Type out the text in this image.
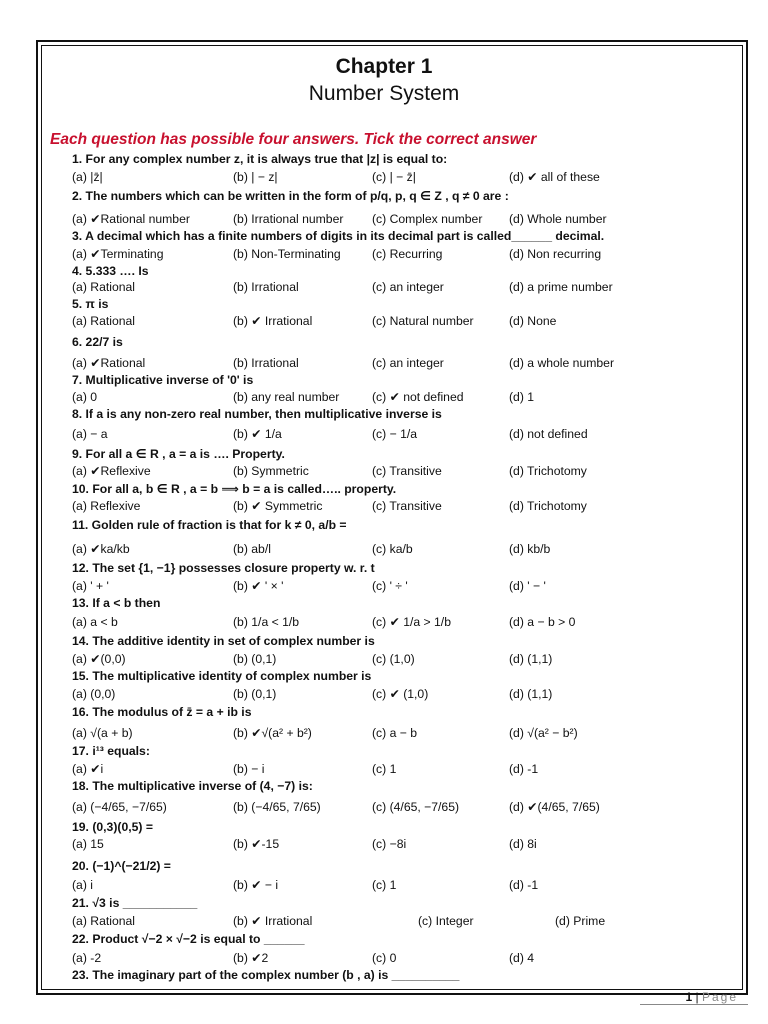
Chapter 1
Number System
Each question has possible four answers. Tick the correct answer
1. For any complex number z, it is always true that |z| is equal to:
(a) |z̄|	(b) | − z|	(c) | − z̄|	(d) ✔ all of these
2. The numbers which can be written in the form of p/q, p, q ∈ Z , q ≠ 0 are :
(a) ✔Rational number	(b) Irrational number (c) Complex number (d) Whole number
3. A decimal which has a finite numbers of digits in its decimal part is called______ decimal.
(a) ✔Terminating	(b) Non-Terminating	(c) Recurring	(d) Non recurring
4. 5.333 …. Is
(a) Rational	(b) Irrational	(c) an integer	(d) a prime number
5. π is
(a) Rational	(b) ✔ Irrational	(c) Natural number	(d) None
6. 22/7 is
(a) ✔Rational	(b) Irrational	(c) an integer	(d) a whole number
7. Multiplicative inverse of '0' is
(a) 0	(b) any real number	(c) ✔ not defined	(d) 1
8. If a is any non-zero real number, then multiplicative inverse is
(a) − a	(b) ✔ 1/a	(c) − 1/a	(d) not defined
9. For all a ∈ R , a = a is …. Property.
(a) ✔Reflexive	(b) Symmetric	(c) Transitive	(d) Trichotomy
10. For all a, b ∈ R , a = b ⟹ b = a is called….. property.
(a) Reflexive	(b) ✔ Symmetric	(c) Transitive	(d) Trichotomy
11. Golden rule of fraction is that for k ≠ 0, a/b =
(a) ✔ka/kb	(b) ab/l	(c) ka/b	(d) kb/b
12. The set {1, −1} possesses closure property w. r. t
(a) ' + '	(b) ✔ ' × '	(c) ' ÷ '	(d) ' − '
13. If a < b then
(a) a < b	(b) 1/a < 1/b	(c) ✔ 1/a > 1/b	(d) a − b > 0
14. The additive identity in set of complex number is
(a) ✔(0,0)	(b) (0,1)	(c) (1,0)	(d) (1,1)
15. The multiplicative identity of complex number is
(a) (0,0)	(b) (0,1)	(c) ✔ (1,0)	(d) (1,1)
16. The modulus of z̄ = a + ib is
(a) √(a + b)	(b) ✔√(a² + b²)	(c) a − b	(d) √(a² − b²)
17. i¹³ equals:
(a) ✔i	(b) − i	(c) 1	(d) -1
18. The multiplicative inverse of (4, −7) is:
(a) (−4/65, −7/65)	(b) (−4/65, 7/65)	(c) (4/65, −7/65)	(d) ✔(4/65, 7/65)
19. (0,3)(0,5) =
(a) 15	(b) ✔-15	(c) −8i	(d) 8i
20. (−1)^(−21/2) =
(a) i	(b) ✔ − i	(c) 1	(d) -1
21. √3 is ___________
(a) Rational	(b) ✔ Irrational	(c) Integer	(d) Prime
22. Product √−2 × √−2 is equal to ______
(a) -2	(b) ✔2	(c) 0	(d) 4
23. The imaginary part of the complex number (b , a) is __________
1 | Page
